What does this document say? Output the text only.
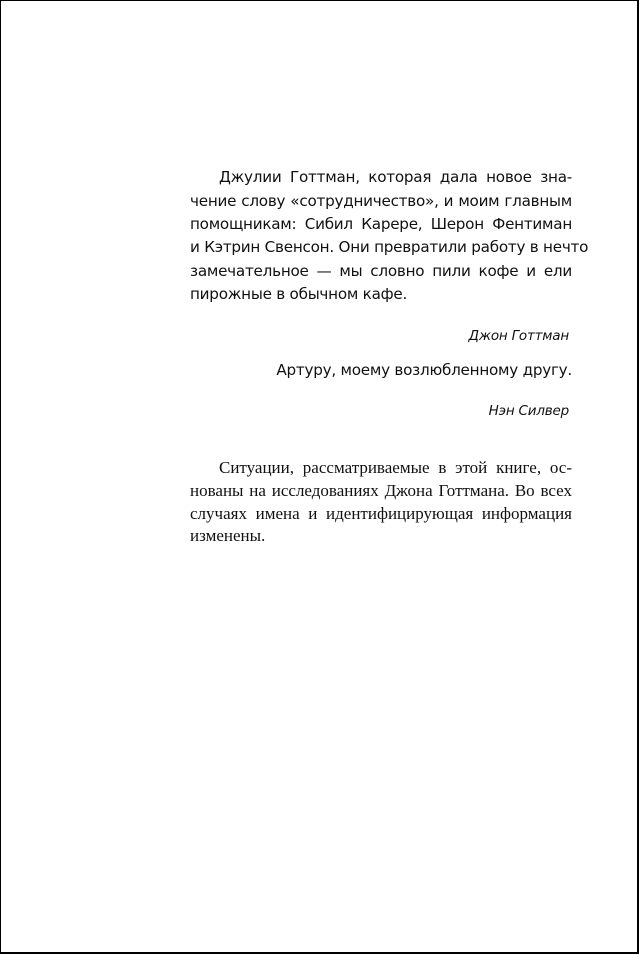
Джулии Готтман, которая дала новое зна-

чение слову «сотрудничество», и моим главным

помощникам: Сибил Карере, Шерон Фентиман

и Кэтрин Свенсон. Они превратили работу в нечто

замечательное — мы словно пили кофе и ели

пирожные в обычном кафе.

Джон Готтман

Артуру, моему возлюбленному другу.

Нэн Силвер

Ситуации, рассматриваемые в этой книге, ос-

нованы на исследованиях Джона Готтмана. Во всех

случаях имена и идентифицирующая информация

изменены.
